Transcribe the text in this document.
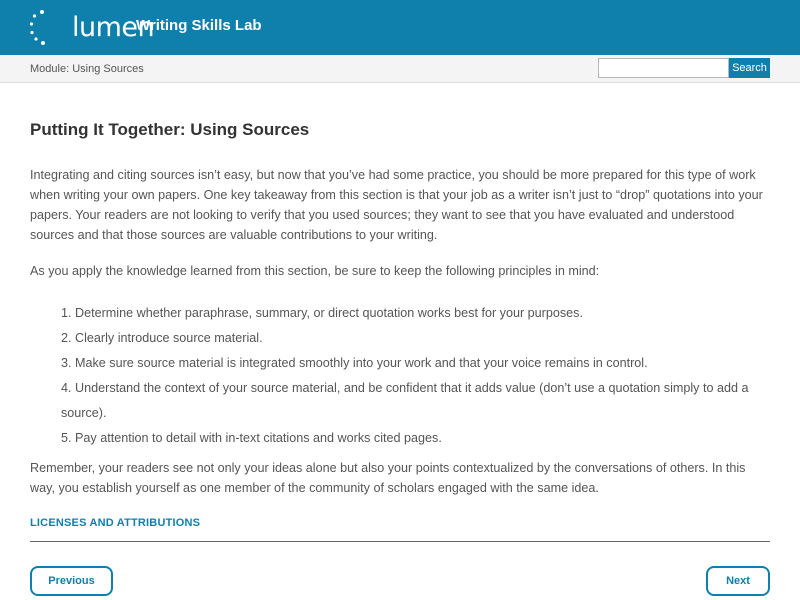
lumen
Writing Skills Lab
Module: Using Sources	Search
Putting It Together: Using Sources

Integrating and citing sources isn’t easy, but now that you’ve had some practice, you should be more prepared for this type of work when writing your own papers. One key takeaway from this section is that your job as a writer isn’t just to “drop” quotations into your papers. Your readers are not looking to verify that you used sources; they want to see that you have evaluated and understood sources and that those sources are valuable contributions to your writing.

As you apply the knowledge learned from this section, be sure to keep the following principles in mind:

1. Determine whether paraphrase, summary, or direct quotation works best for your purposes.
2. Clearly introduce source material.
3. Make sure source material is integrated smoothly into your work and that your voice remains in control.
4. Understand the context of your source material, and be confident that it adds value (don’t use a quotation simply to add a source).
5. Pay attention to detail with in-text citations and works cited pages.

Remember, your readers see not only your ideas alone but also your points contextualized by the conversations of others. In this way, you establish yourself as one member of the community of scholars engaged with the same idea.

LICENSES AND ATTRIBUTIONS
Previous	Next
